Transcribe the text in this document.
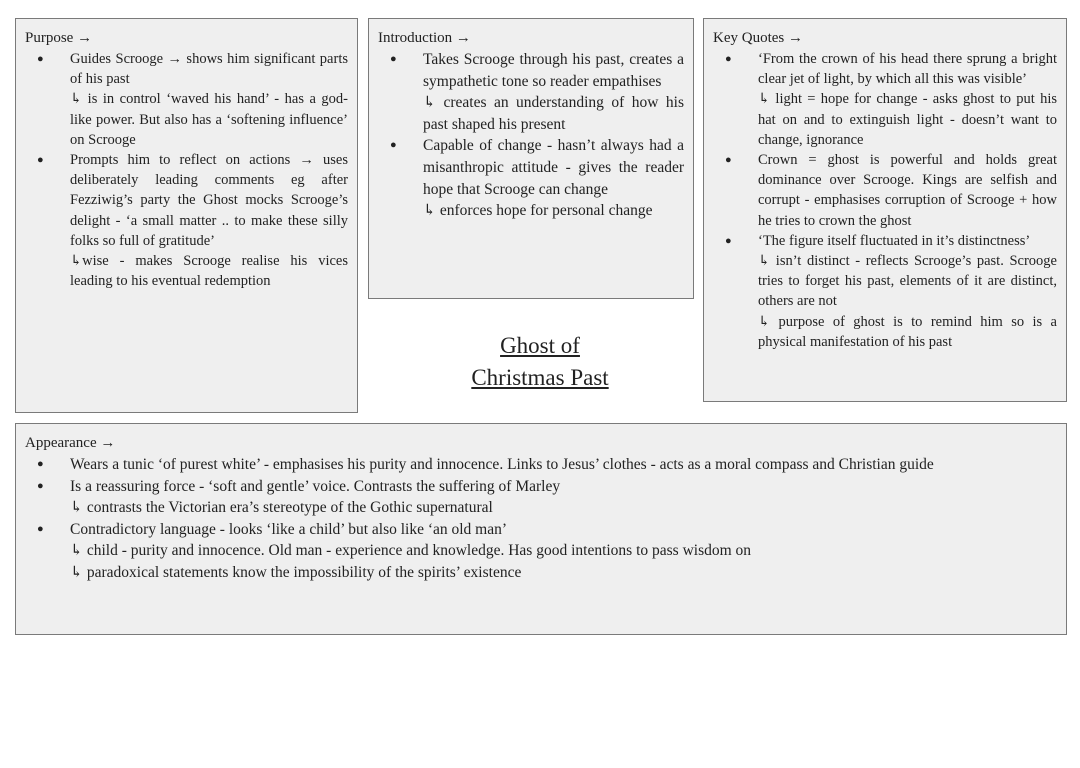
Purpose →
● Guides Scrooge → shows him significant parts of his past
↳ is in control ‘waved his hand’ - has a god-like power. But also has a ‘softening influence’ on Scrooge
● Prompts him to reflect on actions → uses deliberately leading comments eg after Fezziwig’s party the Ghost mocks Scrooge’s delight - ‘a small matter .. to make these silly folks so full of gratitude’
↳wise - makes Scrooge realise his vices leading to his eventual redemption
Introduction →
● Takes Scrooge through his past, creates a sympathetic tone so reader empathises
↳ creates an understanding of how his past shaped his present
● Capable of change - hasn’t always had a misanthropic attitude - gives the reader hope that Scrooge can change
↳ enforces hope for personal change
Key Quotes →
● ‘From the crown of his head there sprung a bright clear jet of light, by which all this was visible’
↳ light = hope for change - asks ghost to put his hat on and to extinguish light - doesn’t want to change, ignorance
● Crown = ghost is powerful and holds great dominance over Scrooge. Kings are selfish and corrupt - emphasises corruption of Scrooge + how he tries to crown the ghost
● ‘The figure itself fluctuated in it’s distinctness’
↳ isn’t distinct - reflects Scrooge’s past. Scrooge tries to forget his past, elements of it are distinct, others are not
↳ purpose of ghost is to remind him so is a physical manifestation of his past
Ghost of
Christmas Past
Appearance →
● Wears a tunic ‘of purest white’ - emphasises his purity and innocence. Links to Jesus’ clothes - acts as a moral compass and Christian guide
● Is a reassuring force - ‘soft and gentle’ voice. Contrasts the suffering of Marley
↳ contrasts the Victorian era’s stereotype of the Gothic supernatural
● Contradictory language - looks ‘like a child’ but also like ‘an old man’
↳ child - purity and innocence. Old man - experience and knowledge. Has good intentions to pass wisdom on
↳ paradoxical statements know the impossibility of the spirits’ existence
